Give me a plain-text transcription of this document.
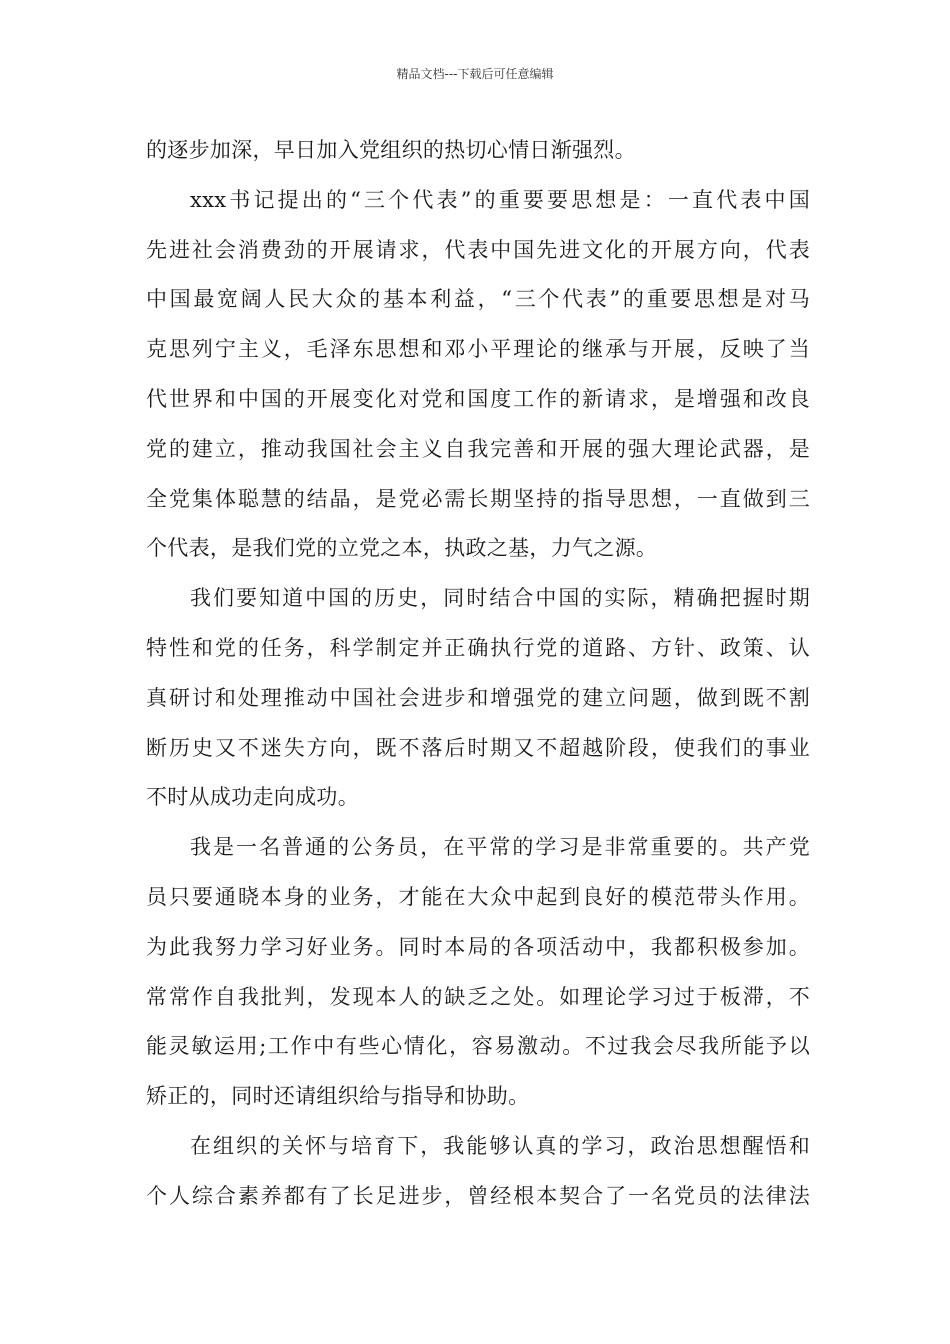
精品文档---下载后可任意编辑
的逐步加深，早日加入党组织的热切心情日渐强烈。
xxx书记提出的“三个代表”的重要要思想是：一直代表中国
先进社会消费劲的开展请求，代表中国先进文化的开展方向，代表
中国最宽阔人民大众的基本利益，“三个代表”的重要思想是对马
克思列宁主义，毛泽东思想和邓小平理论的继承与开展，反映了当
代世界和中国的开展变化对党和国度工作的新请求，是增强和改良
党的建立，推动我国社会主义自我完善和开展的强大理论武器，是
全党集体聪慧的结晶，是党必需长期坚持的指导思想，一直做到三
个代表，是我们党的立党之本，执政之基，力气之源。
我们要知道中国的历史，同时结合中国的实际，精确把握时期
特性和党的任务，科学制定并正确执行党的道路、方针、政策、认
真研讨和处理推动中国社会进步和增强党的建立问题，做到既不割
断历史又不迷失方向，既不落后时期又不超越阶段，使我们的事业
不时从成功走向成功。
我是一名普通的公务员，在平常的学习是非常重要的。共产党
员只要通晓本身的业务，才能在大众中起到良好的模范带头作用。
为此我努力学习好业务。同时本局的各项活动中，我都积极参加。
常常作自我批判，发现本人的缺乏之处。如理论学习过于板滞，不
能灵敏运用;工作中有些心情化，容易激动。不过我会尽我所能予以
矫正的，同时还请组织给与指导和协助。
在组织的关怀与培育下，我能够认真的学习，政治思想醒悟和
个人综合素养都有了长足进步，曾经根本契合了一名党员的法律法
